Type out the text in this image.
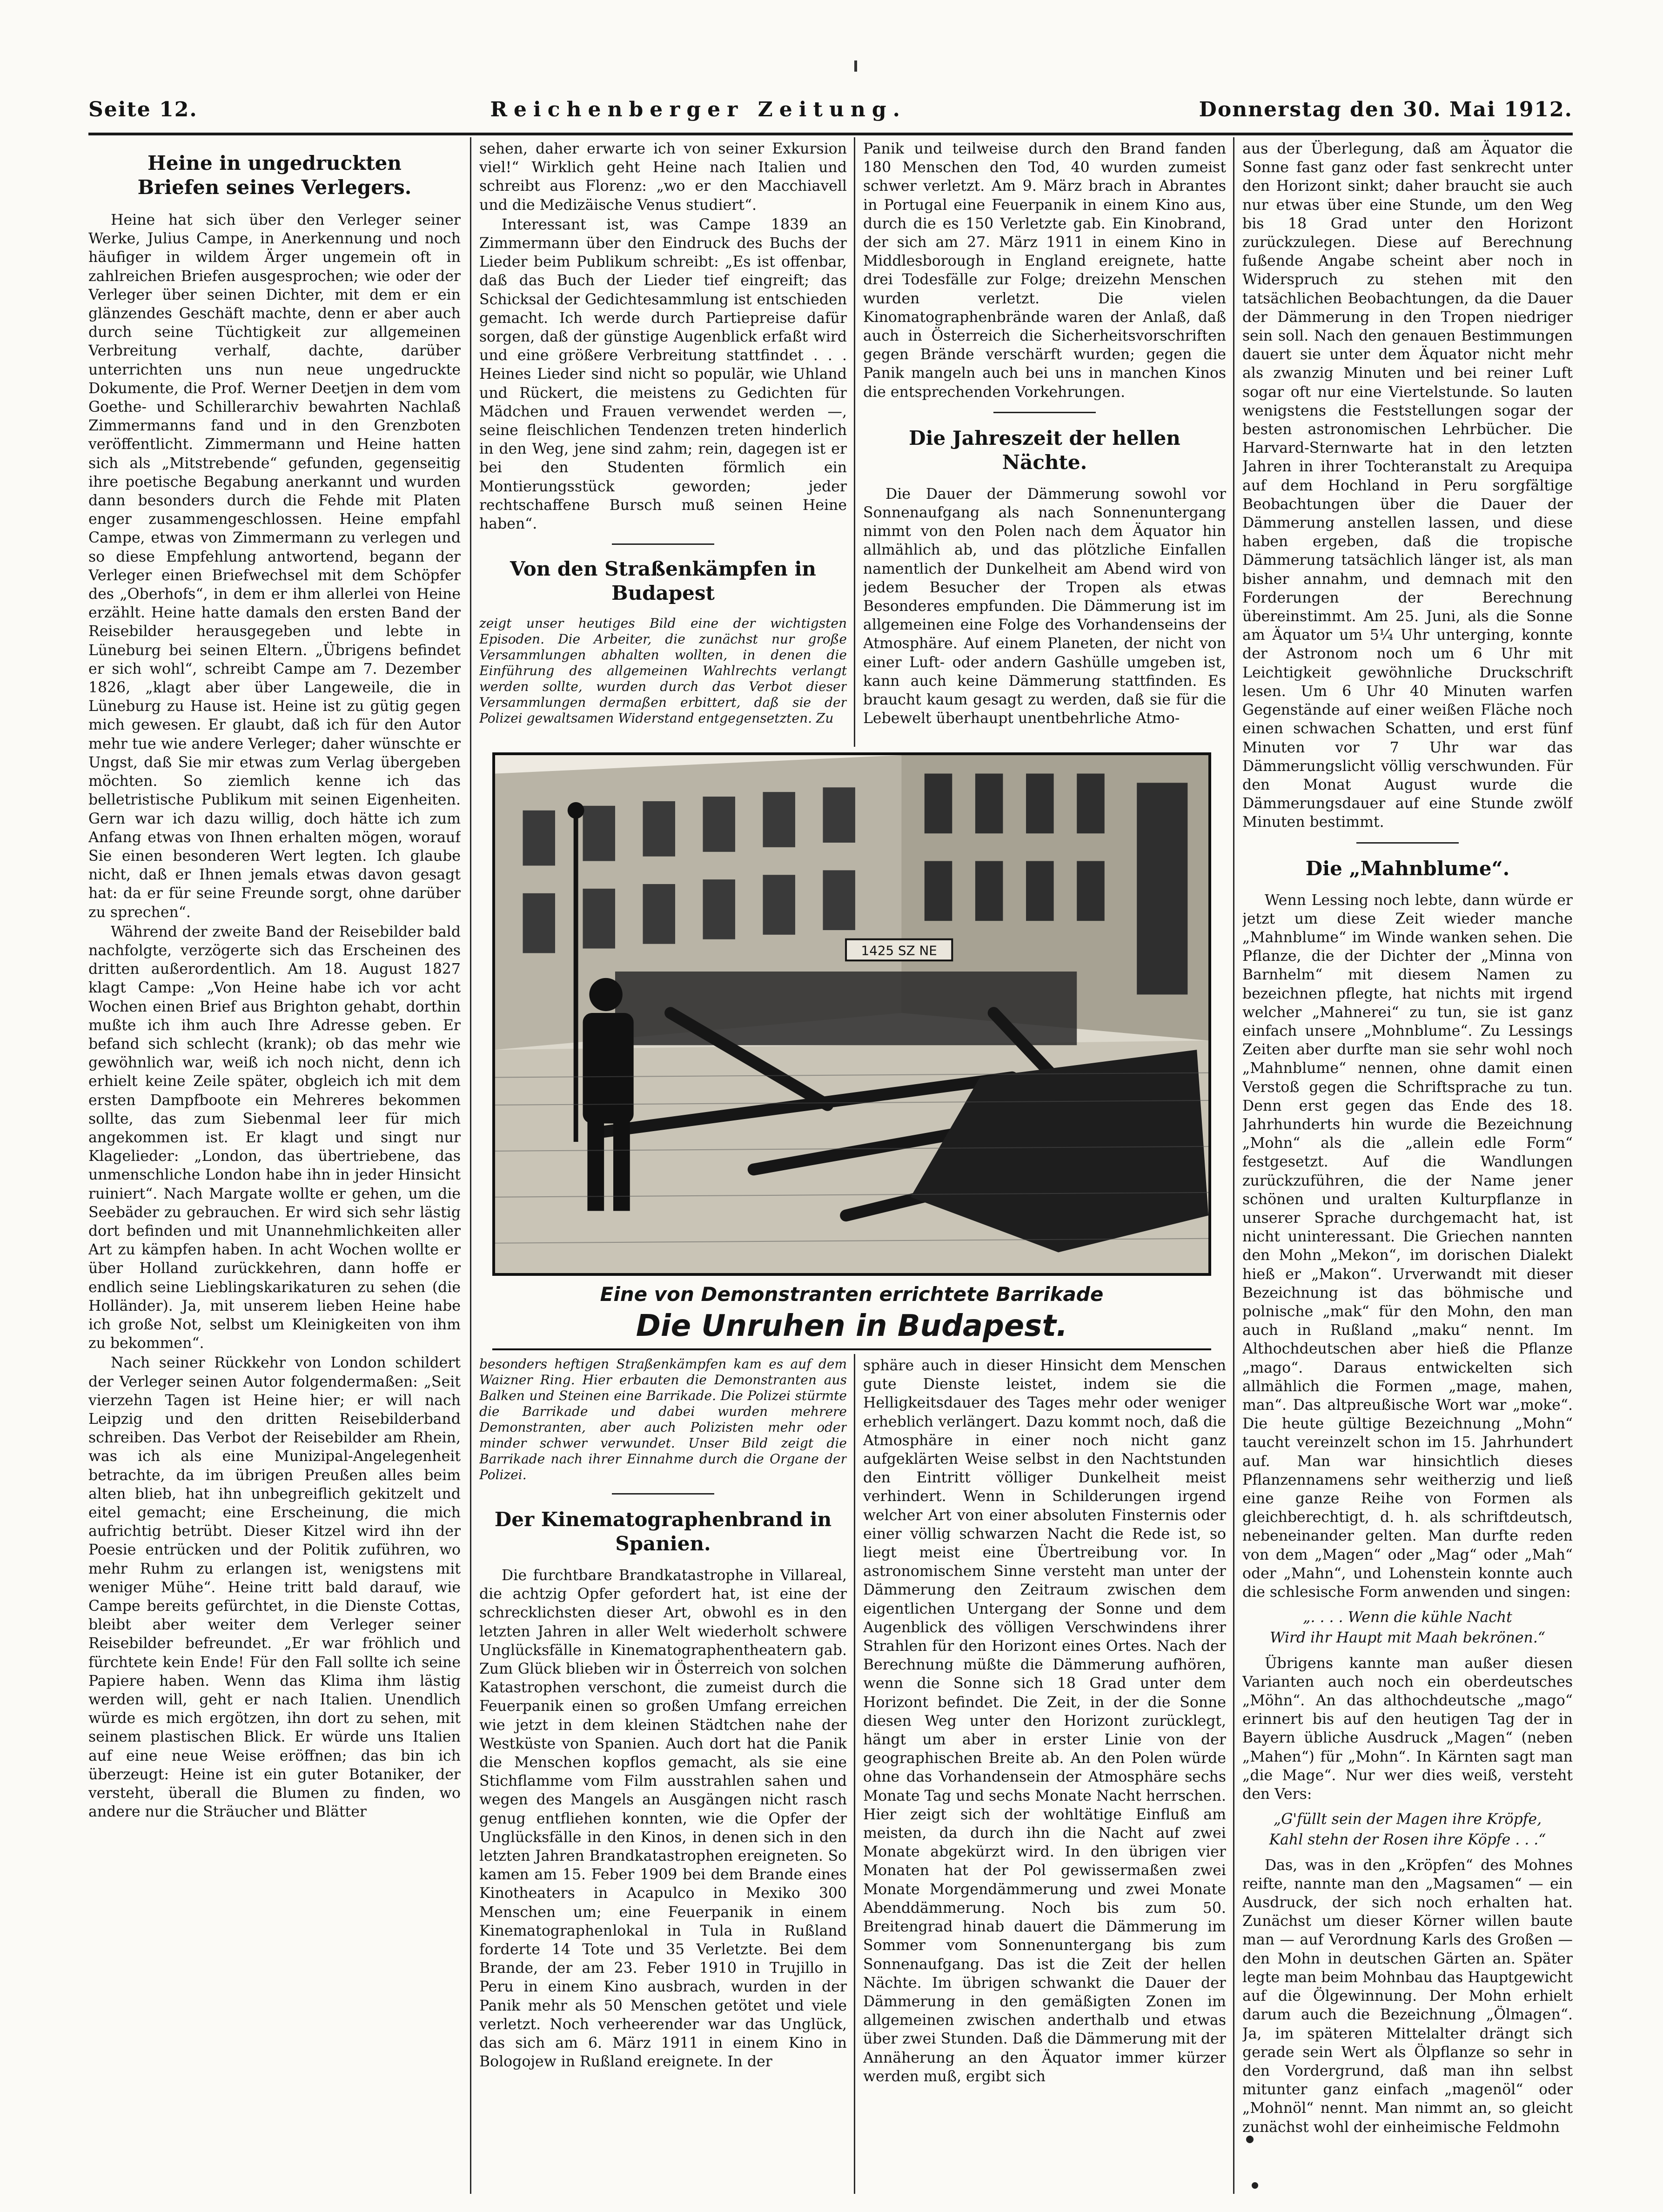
Seite 12.	Reichenberger Zeitung.	Donnerstag den 30. Mai 1912.
Heine in ungedruckten
Briefen seines Verlegers.

Heine hat sich über den Verleger seiner Werke, Julius Campe, in Anerkennung und noch häufiger in wildem Ärger ungemein oft in zahlreichen Briefen ausgesprochen; wie oder der Verleger über seinen Dichter, mit dem er ein glänzendes Geschäft machte, denn er aber auch durch seine Tüchtigkeit zur allgemeinen Verbreitung verhalf, dachte, darüber unterrichten uns nun neue ungedruckte Dokumente, die Prof. Werner Deetjen in dem vom Goethe- und Schillerarchiv bewahrten Nachlaß Zimmermanns fand und in den Grenzboten veröffentlicht. Zimmermann und Heine hatten sich als „Mitstrebende“ gefunden, gegenseitig ihre poetische Begabung anerkannt und wurden dann besonders durch die Fehde mit Platen enger zusammengeschlossen. Heine empfahl Campe, etwas von Zimmermann zu verlegen und so diese Empfehlung antwortend, begann der Verleger einen Briefwechsel mit dem Schöpfer des „Oberhofs“, in dem er ihm allerlei von Heine erzählt. Heine hatte damals den ersten Band der Reisebilder herausgegeben und lebte in Lüneburg bei seinen Eltern. „Übrigens befindet er sich wohl“, schreibt Campe am 7. Dezember 1826, „klagt aber über Langeweile, die in Lüneburg zu Hause ist. Heine ist zu gütig gegen mich gewesen. Er glaubt, daß ich für den Autor mehr tue wie andere Verleger; daher wünschte er Ungst, daß Sie mir etwas zum Verlag übergeben möchten. So ziemlich kenne ich das belletristische Publikum mit seinen Eigenheiten. Gern war ich dazu willig, doch hätte ich zum Anfang etwas von Ihnen erhalten mögen, worauf Sie einen besonderen Wert legten. Ich glaube nicht, daß er Ihnen jemals etwas davon gesagt hat: da er für seine Freunde sorgt, ohne darüber zu sprechen“.

Während der zweite Band der Reisebilder bald nachfolgte, verzögerte sich das Erscheinen des dritten außerordentlich. Am 18. August 1827 klagt Campe: „Von Heine habe ich vor acht Wochen einen Brief aus Brighton gehabt, dorthin mußte ich ihm auch Ihre Adresse geben. Er befand sich schlecht (krank); ob das mehr wie gewöhnlich war, weiß ich noch nicht, denn ich erhielt keine Zeile später, obgleich ich mit dem ersten Dampfboote ein Mehreres bekommen sollte, das zum Siebenmal leer für mich angekommen ist. Er klagt und singt nur Klagelieder: „London, das übertriebene, das unmenschliche London habe ihn in jeder Hinsicht ruiniert“. Nach Margate wollte er gehen, um die Seebäder zu gebrauchen. Er wird sich sehr lästig dort befinden und mit Unannehmlichkeiten aller Art zu kämpfen haben. In acht Wochen wollte er über Holland zurückkehren, dann hoffe er endlich seine Lieblingskarikaturen zu sehen (die Holländer). Ja, mit unserem lieben Heine habe ich große Not, selbst um Kleinigkeiten von ihm zu bekommen“.

Nach seiner Rückkehr von London schildert der Verleger seinen Autor folgendermaßen: „Seit vierzehn Tagen ist Heine hier; er will nach Leipzig und den dritten Reisebilderband schreiben. Das Verbot der Reisebilder am Rhein, was ich als eine Munizipal-Angelegenheit betrachte, da im übrigen Preußen alles beim alten blieb, hat ihn unbegreiflich gekitzelt und eitel gemacht; eine Erscheinung, die mich aufrichtig betrübt. Dieser Kitzel wird ihn der Poesie entrücken und der Politik zuführen, wo mehr Ruhm zu erlangen ist, wenigstens mit weniger Mühe“. Heine tritt bald darauf, wie Campe bereits gefürchtet, in die Dienste Cottas, bleibt aber weiter dem Verleger seiner Reisebilder befreundet. „Er war fröhlich und fürchtete kein Ende! Für den Fall sollte ich seine Papiere haben. Wenn das Klima ihm lästig werden will, geht er nach Italien. Unendlich würde es mich ergötzen, ihn dort zu sehen, mit seinem plastischen Blick. Er würde uns Italien auf eine neue Weise eröffnen; das bin ich überzeugt: Heine ist ein guter Botaniker, der versteht, überall die Blumen zu finden, wo andere nur die Sträucher und Blätter

sehen, daher erwarte ich von seiner Exkursion viel!“ Wirklich geht Heine nach Italien und schreibt aus Florenz: „wo er den Macchiavell und die Medizäische Venus studiert“.

Interessant ist, was Campe 1839 an Zimmermann über den Eindruck des Buchs der Lieder beim Publikum schreibt: „Es ist offenbar, daß das Buch der Lieder tief eingreift; das Schicksal der Gedichtesammlung ist entschieden gemacht. Ich werde durch Partiepreise dafür sorgen, daß der günstige Augenblick erfaßt wird und eine größere Verbreitung stattfindet . . . Heines Lieder sind nicht so populär, wie Uhland und Rückert, die meistens zu Gedichten für Mädchen und Frauen verwendet werden —, seine fleischlichen Tendenzen treten hinderlich in den Weg, jene sind zahm; rein, dagegen ist er bei den Studenten förmlich ein Montierungsstück geworden; jeder rechtschaffene Bursch muß seinen Heine haben“.

Von den Straßenkämpfen in Budapest

zeigt unser heutiges Bild eine der wichtigsten Episoden. Die Arbeiter, die zunächst nur große Versammlungen abhalten wollten, in denen die Einführung des allgemeinen Wahlrechts verlangt werden sollte, wurden durch das Verbot dieser Versammlungen dermaßen erbittert, daß sie der Polizei gewaltsamen Widerstand entgegensetzten. Zu

Panik und teilweise durch den Brand fanden 180 Menschen den Tod, 40 wurden zumeist schwer verletzt. Am 9. März brach in Abrantes in Portugal eine Feuerpanik in einem Kino aus, durch die es 150 Verletzte gab. Ein Kinobrand, der sich am 27. März 1911 in einem Kino in Middlesborough in England ereignete, hatte drei Todesfälle zur Folge; dreizehn Menschen wurden verletzt. Die vielen Kinomatographenbrände waren der Anlaß, daß auch in Österreich die Sicherheitsvorschriften gegen Brände verschärft wurden; gegen die Panik mangeln auch bei uns in manchen Kinos die entsprechenden Vorkehrungen.

Die Jahreszeit der hellen Nächte.

Die Dauer der Dämmerung sowohl vor Sonnenaufgang als nach Sonnenuntergang nimmt von den Polen nach dem Äquator hin allmählich ab, und das plötzliche Einfallen namentlich der Dunkelheit am Abend wird von jedem Besucher der Tropen als etwas Besonderes empfunden. Die Dämmerung ist im allgemeinen eine Folge des Vorhandenseins der Atmosphäre. Auf einem Planeten, der nicht von einer Luft- oder andern Gashülle umgeben ist, kann auch keine Dämmerung stattfinden. Es braucht kaum gesagt zu werden, daß sie für die Lebewelt überhaupt unentbehrliche Atmo-

1425 SZ NE
Eine von Demonstranten errichtete Barrikade
Die Unruhen in Budapest.

besonders heftigen Straßenkämpfen kam es auf dem Waizner Ring. Hier erbauten die Demonstranten aus Balken und Steinen eine Barrikade. Die Polizei stürmte die Barrikade und dabei wurden mehrere Demonstranten, aber auch Polizisten mehr oder minder schwer verwundet. Unser Bild zeigt die Barrikade nach ihrer Einnahme durch die Organe der Polizei.

Der Kinematographenbrand in Spanien.

Die furchtbare Brandkatastrophe in Villareal, die achtzig Opfer gefordert hat, ist eine der schrecklichsten dieser Art, obwohl es in den letzten Jahren in aller Welt wiederholt schwere Unglücksfälle in Kinematographentheatern gab. Zum Glück blieben wir in Österreich von solchen Katastrophen verschont, die zumeist durch die Feuerpanik einen so großen Umfang erreichen wie jetzt in dem kleinen Städtchen nahe der Westküste von Spanien. Auch dort hat die Panik die Menschen kopflos gemacht, als sie eine Stichflamme vom Film ausstrahlen sahen und wegen des Mangels an Ausgängen nicht rasch genug entfliehen konnten, wie die Opfer der Unglücksfälle in den Kinos, in denen sich in den letzten Jahren Brandkatastrophen ereigneten. So kamen am 15. Feber 1909 bei dem Brande eines Kinotheaters in Acapulco in Mexiko 300 Menschen um; eine Feuerpanik in einem Kinematographenlokal in Tula in Rußland forderte 14 Tote und 35 Verletzte. Bei dem Brande, der am 23. Feber 1910 in Trujillo in Peru in einem Kino ausbrach, wurden in der Panik mehr als 50 Menschen getötet und viele verletzt. Noch verheerender war das Unglück, das sich am 6. März 1911 in einem Kino in Bologojew in Rußland ereignete. In der

sphäre auch in dieser Hinsicht dem Menschen gute Dienste leistet, indem sie die Helligkeitsdauer des Tages mehr oder weniger erheblich verlängert. Dazu kommt noch, daß die Atmosphäre in einer noch nicht ganz aufgeklärten Weise selbst in den Nachtstunden den Eintritt völliger Dunkelheit meist verhindert. Wenn in Schilderungen irgend welcher Art von einer absoluten Finsternis oder einer völlig schwarzen Nacht die Rede ist, so liegt meist eine Übertreibung vor. In astronomischem Sinne versteht man unter der Dämmerung den Zeitraum zwischen dem eigentlichen Untergang der Sonne und dem Augenblick des völligen Verschwindens ihrer Strahlen für den Horizont eines Ortes. Nach der Berechnung müßte die Dämmerung aufhören, wenn die Sonne sich 18 Grad unter dem Horizont befindet. Die Zeit, in der die Sonne diesen Weg unter den Horizont zurücklegt, hängt um aber in erster Linie von der geographischen Breite ab. An den Polen würde ohne das Vorhandensein der Atmosphäre sechs Monate Tag und sechs Monate Nacht herrschen. Hier zeigt sich der wohltätige Einfluß am meisten, da durch ihn die Nacht auf zwei Monate abgekürzt wird. In den übrigen vier Monaten hat der Pol gewissermaßen zwei Monate Morgendämmerung und zwei Monate Abenddämmerung. Noch bis zum 50. Breitengrad hinab dauert die Dämmerung im Sommer vom Sonnenuntergang bis zum Sonnenaufgang. Das ist die Zeit der hellen Nächte. Im übrigen schwankt die Dauer der Dämmerung in den gemäßigten Zonen im allgemeinen zwischen anderthalb und etwas über zwei Stunden. Daß die Dämmerung mit der Annäherung an den Äquator immer kürzer werden muß, ergibt sich

aus der Überlegung, daß am Äquator die Sonne fast ganz oder fast senkrecht unter den Horizont sinkt; daher braucht sie auch nur etwas über eine Stunde, um den Weg bis 18 Grad unter den Horizont zurückzulegen. Diese auf Berechnung fußende Angabe scheint aber noch in Widerspruch zu stehen mit den tatsächlichen Beobachtungen, da die Dauer der Dämmerung in den Tropen niedriger sein soll. Nach den genauen Bestimmungen dauert sie unter dem Äquator nicht mehr als zwanzig Minuten und bei reiner Luft sogar oft nur eine Viertelstunde. So lauten wenigstens die Feststellungen sogar der besten astronomischen Lehrbücher. Die Harvard-Sternwarte hat in den letzten Jahren in ihrer Tochteranstalt zu Arequipa auf dem Hochland in Peru sorgfältige Beobachtungen über die Dauer der Dämmerung anstellen lassen, und diese haben ergeben, daß die tropische Dämmerung tatsächlich länger ist, als man bisher annahm, und demnach mit den Forderungen der Berechnung übereinstimmt. Am 25. Juni, als die Sonne am Äquator um 5¼ Uhr unterging, konnte der Astronom noch um 6 Uhr mit Leichtigkeit gewöhnliche Druckschrift lesen. Um 6 Uhr 40 Minuten warfen Gegenstände auf einer weißen Fläche noch einen schwachen Schatten, und erst fünf Minuten vor 7 Uhr war das Dämmerungslicht völlig verschwunden. Für den Monat August wurde die Dämmerungsdauer auf eine Stunde zwölf Minuten bestimmt.

Die „Mahnblume“.

Wenn Lessing noch lebte, dann würde er jetzt um diese Zeit wieder manche „Mahnblume“ im Winde wanken sehen. Die Pflanze, die der Dichter der „Minna von Barnhelm“ mit diesem Namen zu bezeichnen pflegte, hat nichts mit irgend welcher „Mahnerei“ zu tun, sie ist ganz einfach unsere „Mohnblume“. Zu Lessings Zeiten aber durfte man sie sehr wohl noch „Mahnblume“ nennen, ohne damit einen Verstoß gegen die Schriftsprache zu tun. Denn erst gegen das Ende des 18. Jahrhunderts hin wurde die Bezeichnung „Mohn“ als die „allein edle Form“ festgesetzt. Auf die Wandlungen zurückzuführen, die der Name jener schönen und uralten Kulturpflanze in unserer Sprache durchgemacht hat, ist nicht uninteressant. Die Griechen nannten den Mohn „Mekon“, im dorischen Dialekt hieß er „Makon“. Urverwandt mit dieser Bezeichnung ist das böhmische und polnische „mak“ für den Mohn, den man auch in Rußland „maku“ nennt. Im Althochdeutschen aber hieß die Pflanze „mago“. Daraus entwickelten sich allmählich die Formen „mage, mahen, man“. Das altpreußische Wort war „moke“. Die heute gültige Bezeichnung „Mohn“ taucht vereinzelt schon im 15. Jahrhundert auf. Man war hinsichtlich dieses Pflanzennamens sehr weitherzig und ließ eine ganze Reihe von Formen als gleichberechtigt, d. h. als schriftdeutsch, nebeneinander gelten. Man durfte reden von dem „Magen“ oder „Mag“ oder „Mah“ oder „Mahn“, und Lohenstein konnte auch die schlesische Form anwenden und singen:

„. . . . Wenn die kühle Nacht
Wird ihr Haupt mit Maah bekrönen.“

Übrigens kannte man außer diesen Varianten auch noch ein oberdeutsches „Möhn“. An das althochdeutsche „mago“ erinnert bis auf den heutigen Tag der in Bayern übliche Ausdruck „Magen“ (neben „Mahen“) für „Mohn“. In Kärnten sagt man „die Mage“. Nur wer dies weiß, versteht den Vers:

„G'füllt sein der Magen ihre Kröpfe,
Kahl stehn der Rosen ihre Köpfe . . .“

Das, was in den „Kröpfen“ des Mohnes reifte, nannte man den „Magsamen“ — ein Ausdruck, der sich noch erhalten hat. Zunächst um dieser Körner willen baute man — auf Verordnung Karls des Großen — den Mohn in deutschen Gärten an. Später legte man beim Mohnbau das Hauptgewicht auf die Ölgewinnung. Der Mohn erhielt darum auch die Bezeichnung „Ölmagen“. Ja, im späteren Mittelalter drängt sich gerade sein Wert als Ölpflanze so sehr in den Vordergrund, daß man ihn selbst mitunter ganz einfach „magenöl“ oder „Mohnöl“ nennt. Man nimmt an, so gleicht zunächst wohl der einheimische Feldmohn
